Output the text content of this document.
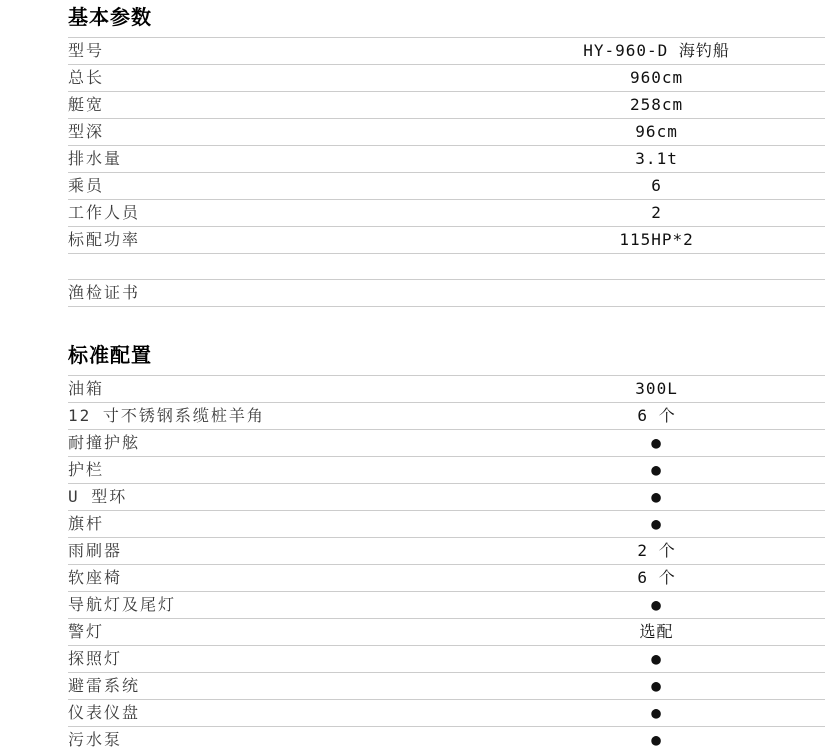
基本参数
型号	HY-960-D 海钓船
总长	960cm
艇宽	258cm
型深	96cm
排水量	3.1t
乘员	6
工作人员	2
标配功率	115HP*2

渔检证书	
标准配置
油箱	300L
12 寸不锈钢系缆桩羊角	6 个
耐撞护舷	●
护栏	●
U 型环	●
旗杆	●
雨刷器	2 个
软座椅	6 个
导航灯及尾灯	●
警灯	选配
探照灯	●
避雷系统	●
仪表仪盘	●
污水泵	●
